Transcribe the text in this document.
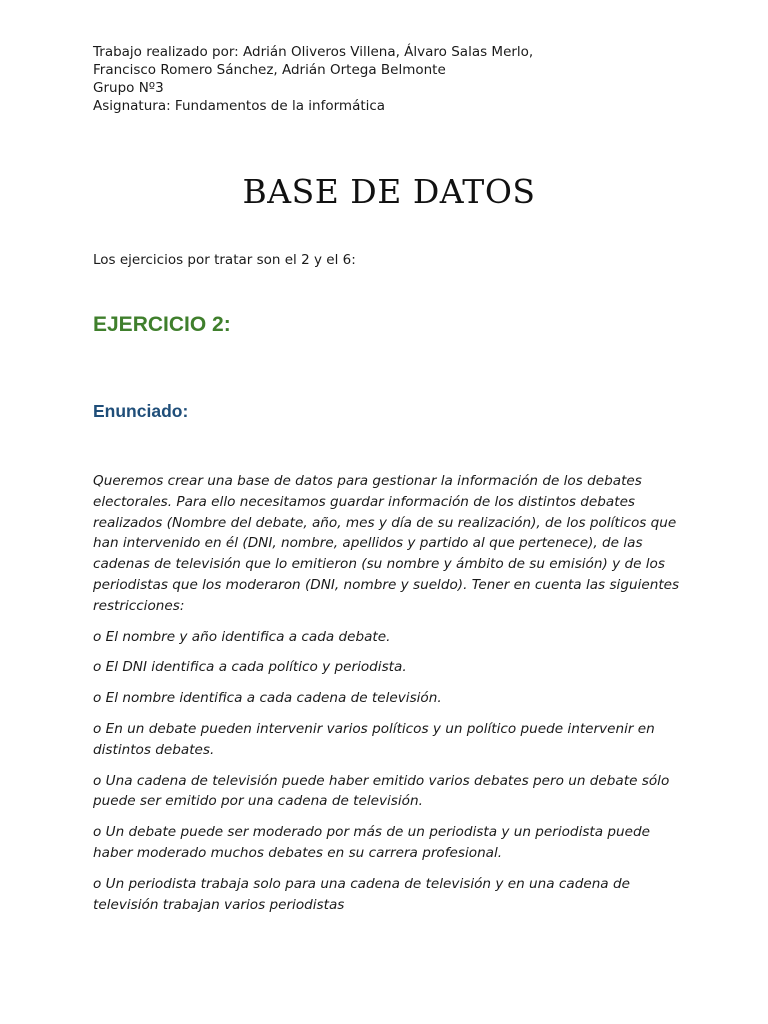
Trabajo realizado por: Adrián Oliveros Villena, Álvaro Salas Merlo,
Francisco Romero Sánchez, Adrián Ortega Belmonte
Grupo Nº3
Asignatura: Fundamentos de la informática
BASE DE DATOS
Los ejercicios por tratar son el 2 y el 6:
EJERCICIO 2:
Enunciado:

Queremos crear una base de datos para gestionar la información de los debates electorales. Para ello necesitamos guardar información de los distintos debates realizados (Nombre del debate, año, mes y día de su realización), de los políticos que han intervenido en él (DNI, nombre, apellidos y partido al que pertenece), de las cadenas de televisión que lo emitieron (su nombre y ámbito de su emisión) y de los periodistas que los moderaron (DNI, nombre y sueldo). Tener en cuenta las siguientes restricciones:

o El nombre y año identifica a cada debate.

o El DNI identifica a cada político y periodista.

o El nombre identifica a cada cadena de televisión.

o En un debate pueden intervenir varios políticos y un político puede intervenir en distintos debates.

o Una cadena de televisión puede haber emitido varios debates pero un debate sólo puede ser emitido por una cadena de televisión.

o Un debate puede ser moderado por más de un periodista y un periodista puede haber moderado muchos debates en su carrera profesional.

o Un periodista trabaja solo para una cadena de televisión y en una cadena de televisión trabajan varios periodistas
